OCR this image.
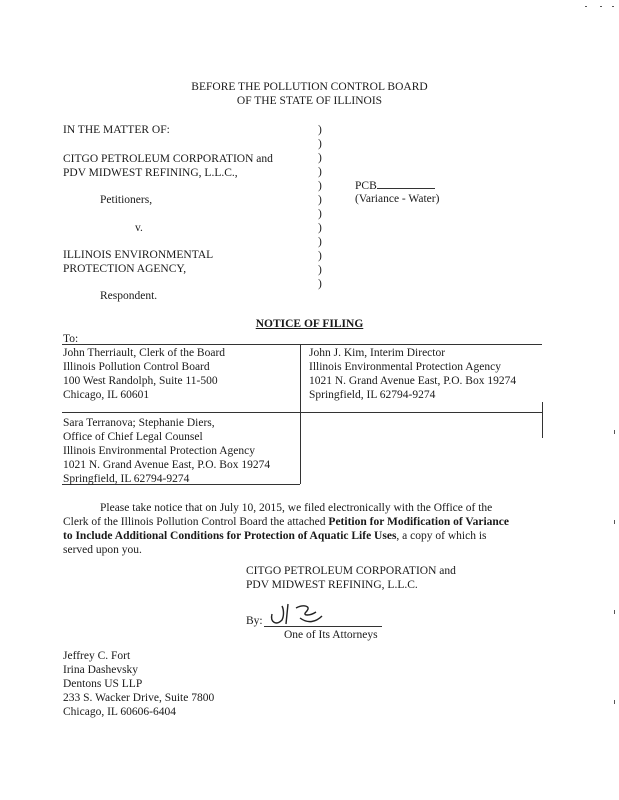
BEFORE THE POLLUTION CONTROL BOARD
OF THE STATE OF ILLINOIS
IN THE MATTER OF:
CITGO PETROLEUM CORPORATION and
PDV MIDWEST REFINING, L.L.C.,
Petitioners,
v.
ILLINOIS ENVIRONMENTAL
PROTECTION AGENCY,
Respondent.
)
)
)
)
)
)
)
)
)
)
)
)
PCB
(Variance - Water)
NOTICE OF FILING
To:
John Therriault, Clerk of the Board
Illinois Pollution Control Board
100 West Randolph, Suite 11-500
Chicago, IL 60601
John J. Kim, Interim Director
Illinois Environmental Protection Agency
1021 N. Grand Avenue East, P.O. Box 19274
Springfield, IL 62794-9274
Sara Terranova; Stephanie Diers,
Office of Chief Legal Counsel
Illinois Environmental Protection Agency
1021 N. Grand Avenue East, P.O. Box 19274
Springfield, IL 62794-9274
Please take notice that on July 10, 2015, we filed electronically with the Office of the
Clerk of the Illinois Pollution Control Board the attached Petition for Modification of Variance
to Include Additional Conditions for Protection of Aquatic Life Uses, a copy of which is
served upon you.
CITGO PETROLEUM CORPORATION and
PDV MIDWEST REFINING, L.L.C.
By:
One of Its Attorneys
Jeffrey C. Fort
Irina Dashevsky
Dentons US LLP
233 S. Wacker Drive, Suite 7800
Chicago, IL 60606-6404
